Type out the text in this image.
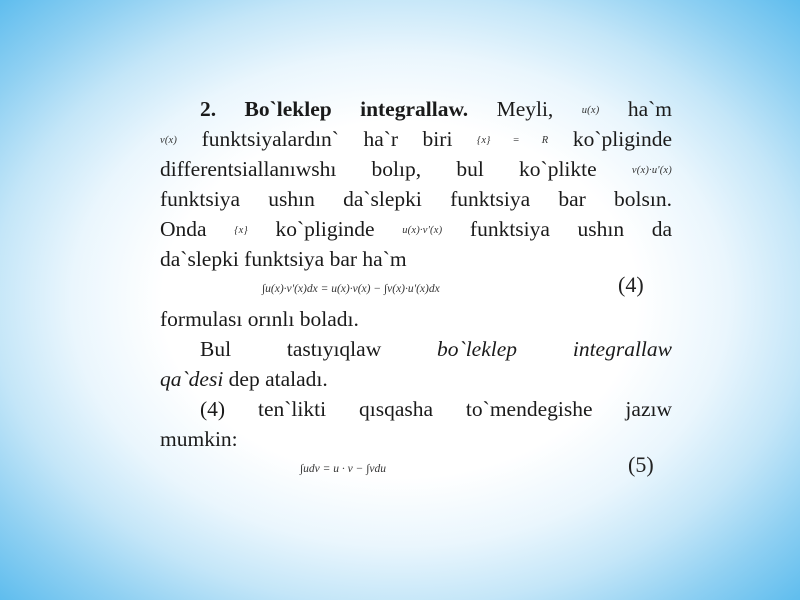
2. Bo`leklep integrallaw. Meyli,	u(x) ha`m
v(x) funktsiyalardın` ha`r biri {x} = R ko`pliginde
differentsiallanıwshı bolıp, bul ko`plikte	v(x)·u'(x)
funktsiya ushın da`slepki funktsiya bar bolsın.
Onda	{x} ko`pliginde	u(x)·v'(x) funktsiya ushın da
da`slepki funktsiya bar ha`m
∫u(x)·v'(x)dx = u(x)·v(x) − ∫v(x)·u'(x)dx	(4)
formulası orınlı boladı.
Bul tastıyıqlaw	bo`leklep integrallaw
qa`desi dep ataladı.
(4) ten`likti qısqasha to`mendegishe jazıw
mumkin:
∫udv = u · v − ∫vdu	(5)
